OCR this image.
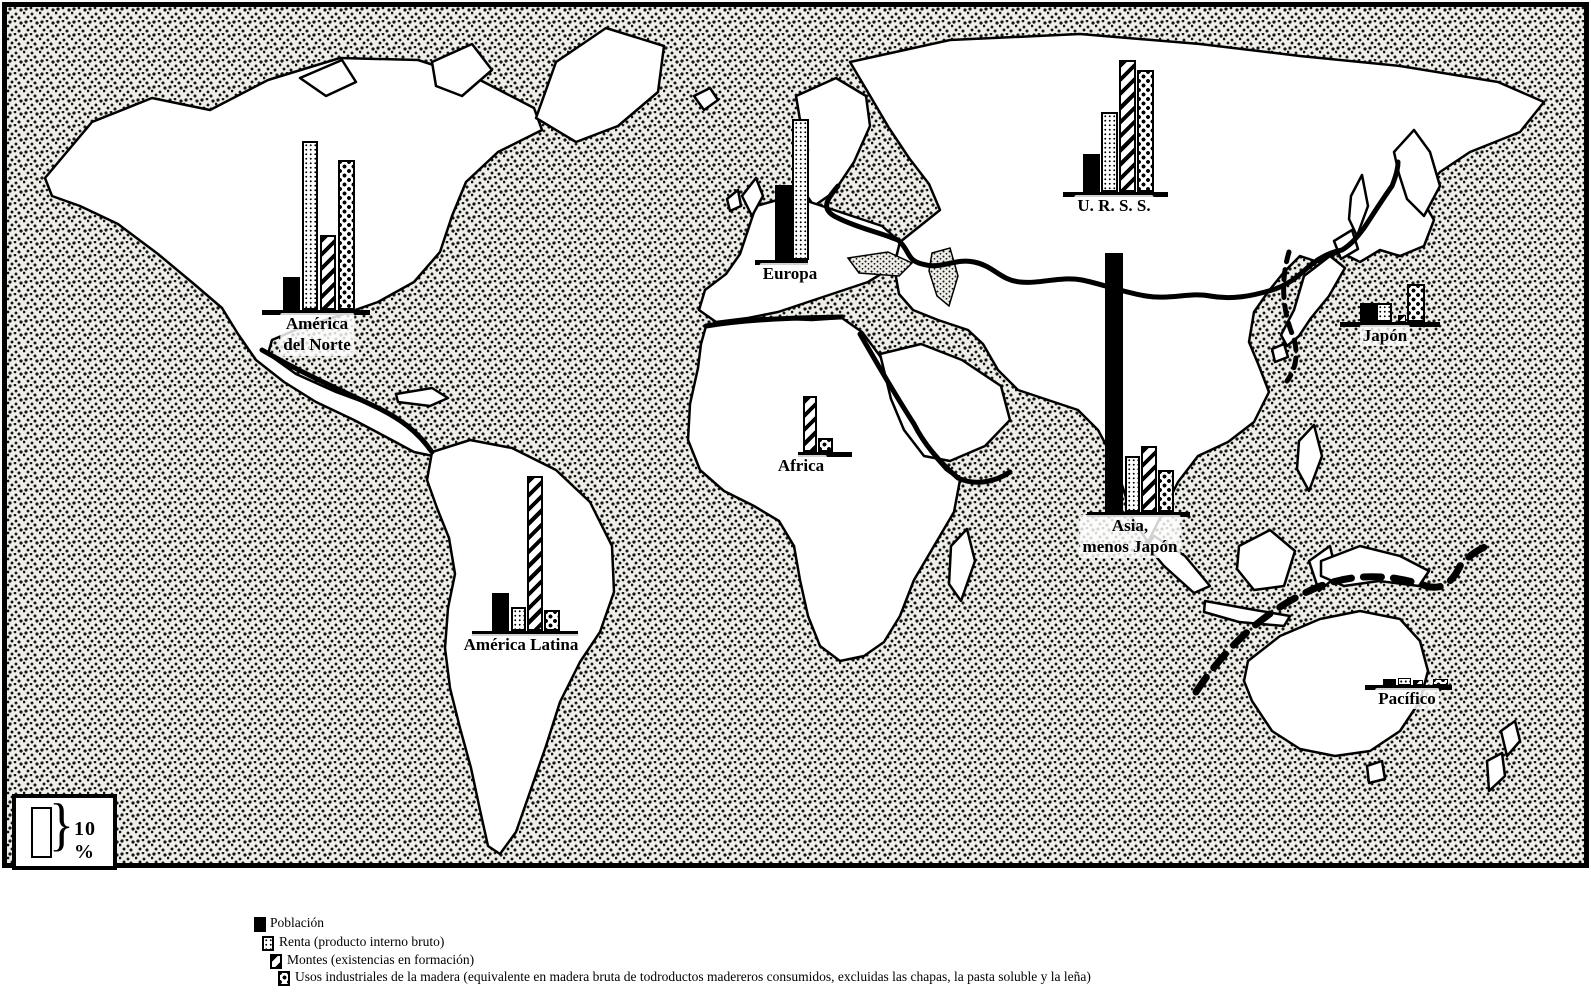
América
del Norte
Europa
U. R. S. S.
Japón
Asia,
menos Japón
América Latina
Africa
Pacífico
} 10 %
Población
Renta (producto interno bruto)
Montes (existencias en formación)
Usos industriales de la madera (equivalente en madera bruta de todroductos madereros consumidos, excluidas las chapas, la pasta soluble y la leña)
